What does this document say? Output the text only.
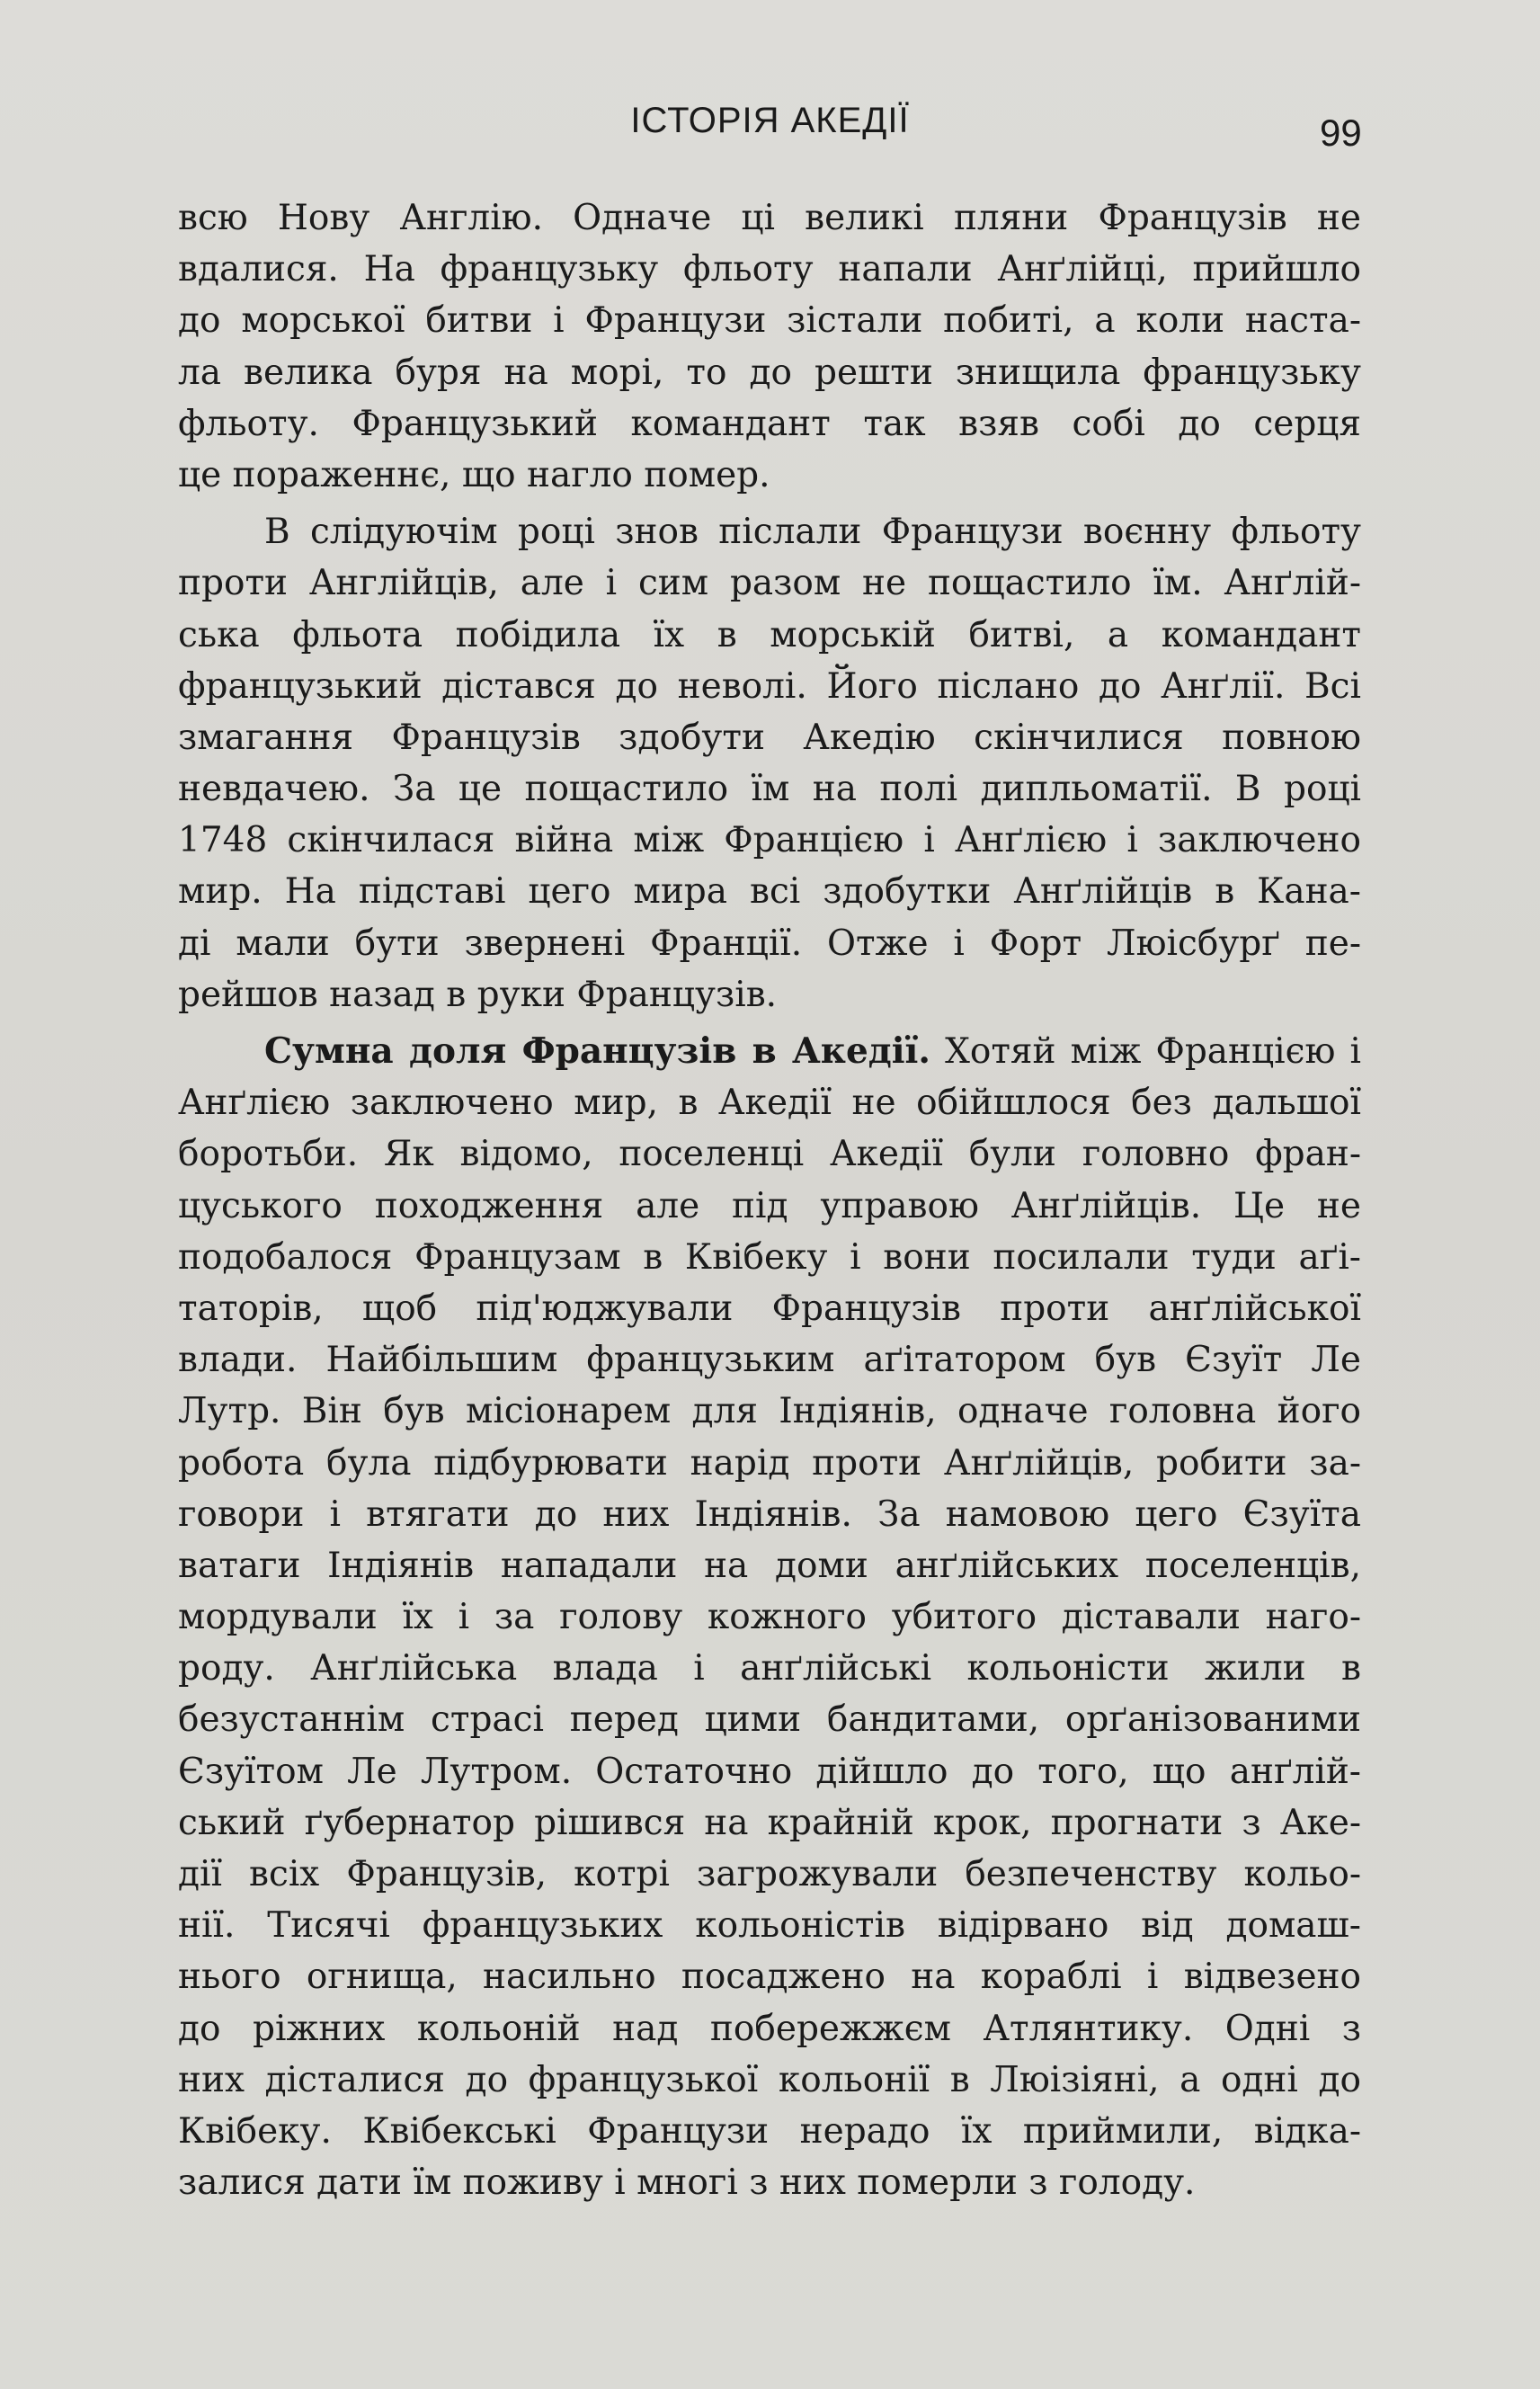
ІСТОРІЯ АКЕДІЇ	99
всю Нову Англію. Одначе ці великі пляни Французів не
вдалися. На французьку фльоту напали Анґлійці, прийшло
до морської битви і Французи зістали побиті, а коли наста-
ла велика буря на морі, то до решти знищила французьку
фльоту. Французький командант так взяв собі до серця
це пораженнє, що нагло помер.
В слідуючім році знов післали Французи воєнну фльоту
проти Англійців, але і сим разом не пощастило їм. Анґлій-
ська фльота побідила їх в морській битві, а командант
французький дістався до неволі. Його післано до Анґлії. Всі
змагання Французів здобути Акедію скінчилися повною
невдачею. За це пощастило їм на полі дипльоматії. В році
1748 скінчилася війна між Францією і Анґлією і заключено
мир. На підставі цего мира всі здобутки Анґлійців в Кана-
ді мали бути звернені Франції. Отже і Форт Люісбурґ пе-
рейшов назад в руки Французів.
Сумна доля Французів в Акедії. Хотяй між Францією і
Анґлією заключено мир, в Акедії не обійшлося без дальшої
боротьби. Як відомо, поселенці Акедії були головно фран-
цуського походження але під управою Анґлійців. Це не
подобалося Французам в Квібеку і вони посилали туди аґі-
таторів, щоб під'юджували Французів проти анґлійської
влади. Найбільшим французьким аґітатором був Єзуїт Ле
Лутр. Він був місіонарем для Індіянів, одначе головна його
робота була підбурювати нарід проти Анґлійців, робити за-
говори і втягати до них Індіянів. За намовою цего Єзуїта
ватаги Індіянів нападали на доми анґлійських поселенців,
мордували їх і за голову кожного убитого діставали наго-
роду. Анґлійська влада і анґлійські кольоністи жили в
безустаннім страсі перед цими бандитами, орґанізованими
Єзуїтом Ле Лутром. Остаточно дійшло до того, що анґлій-
ський ґубернатор рішився на крайній крок, прогнати з Аке-
дії всіх Французів, котрі загрожували безпеченству кольо-
нії. Тисячі французьких кольоністів відірвано від домаш-
нього огнища, насильно посаджено на кораблі і відвезено
до ріжних кольоній над побережжєм Атлянтику. Одні з
них дісталися до французької кольонії в Люізіяні, а одні до
Квібеку. Квібекські Французи нерадо їх приймили, відка-
залися дати їм поживу і многі з них померли з голоду.
